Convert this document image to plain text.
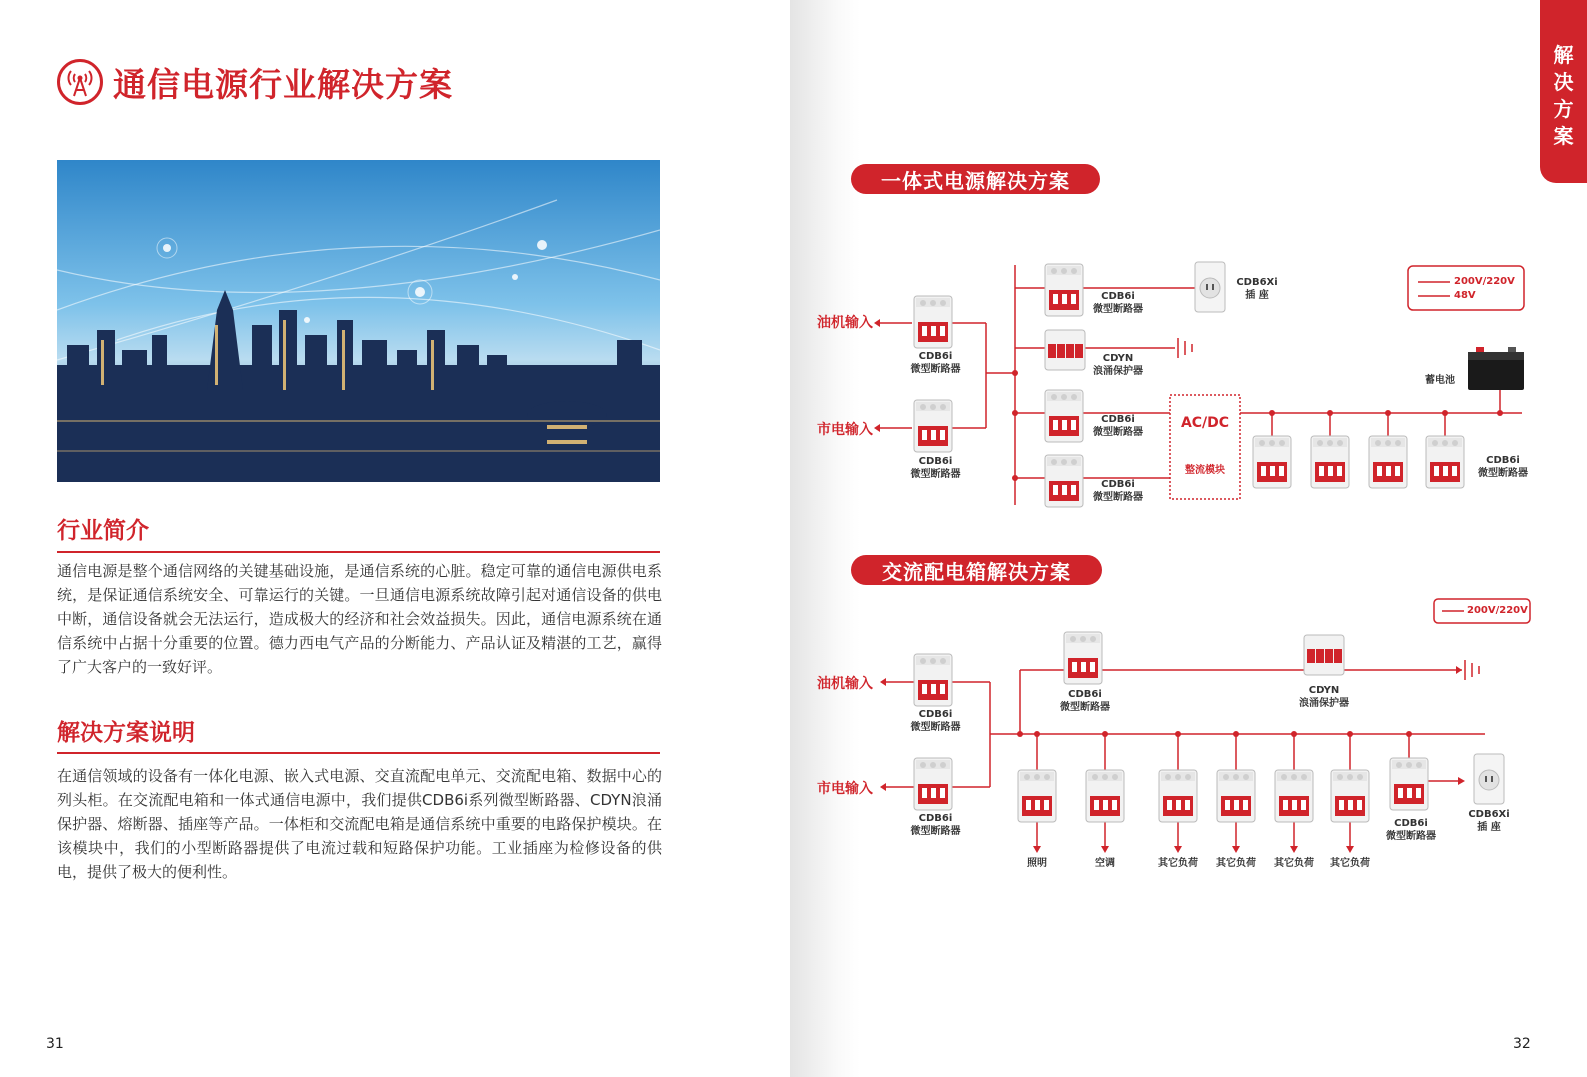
通信电源行业解决方案
行业简介

通信电源是整个通信网络的关键基础设施，是通信系统的心脏。稳定可靠的通信电源供电系统，是保证通信系统安全、可靠运行的关键。一旦通信电源系统故障引起对通信设备的供电中断，通信设备就会无法运行，造成极大的经济和社会效益损失。因此，通信电源系统在通信系统中占据十分重要的位置。德力西电气产品的分断能力、产品认证及精湛的工艺，赢得了广大客户的一致好评。

解决方案说明

在通信领域的设备有一体化电源、嵌入式电源、交直流配电单元、交流配电箱、数据中心的列头柜。在交流配电箱和一体式通信电源中，我们提供CDB6i系列微型断路器、CDYN浪涌保护器、熔断器、插座等产品。一体柜和交流配电箱是通信系统中重要的电路保护模块。在该模块中，我们的小型断路器提供了电流过载和短路保护功能。工业插座为检修设备的供电，提供了极大的便利性。

31
解
决
方
案
一体式电源解决方案
交流配电箱解决方案
油机输入
市电输入
CDB6i
微型断路器
CDB6i
微型断路器
CDB6i
微型断路器
CDYN
浪涌保护器
CDB6i
微型断路器
CDB6i
微型断路器
CDB6Xi
插 座
AC/DC
整流模块
蓄电池
CDB6i
微型断路器
200V/220V
48V
油机输入
市电输入
CDB6i
微型断路器
CDB6i
微型断路器
CDB6i
微型断路器
CDYN
浪涌保护器
CDB6i
微型断路器
CDB6Xi
插 座
照明	空调	其它负荷	其它负荷	其它负荷	其它负荷
200V/220V
32
